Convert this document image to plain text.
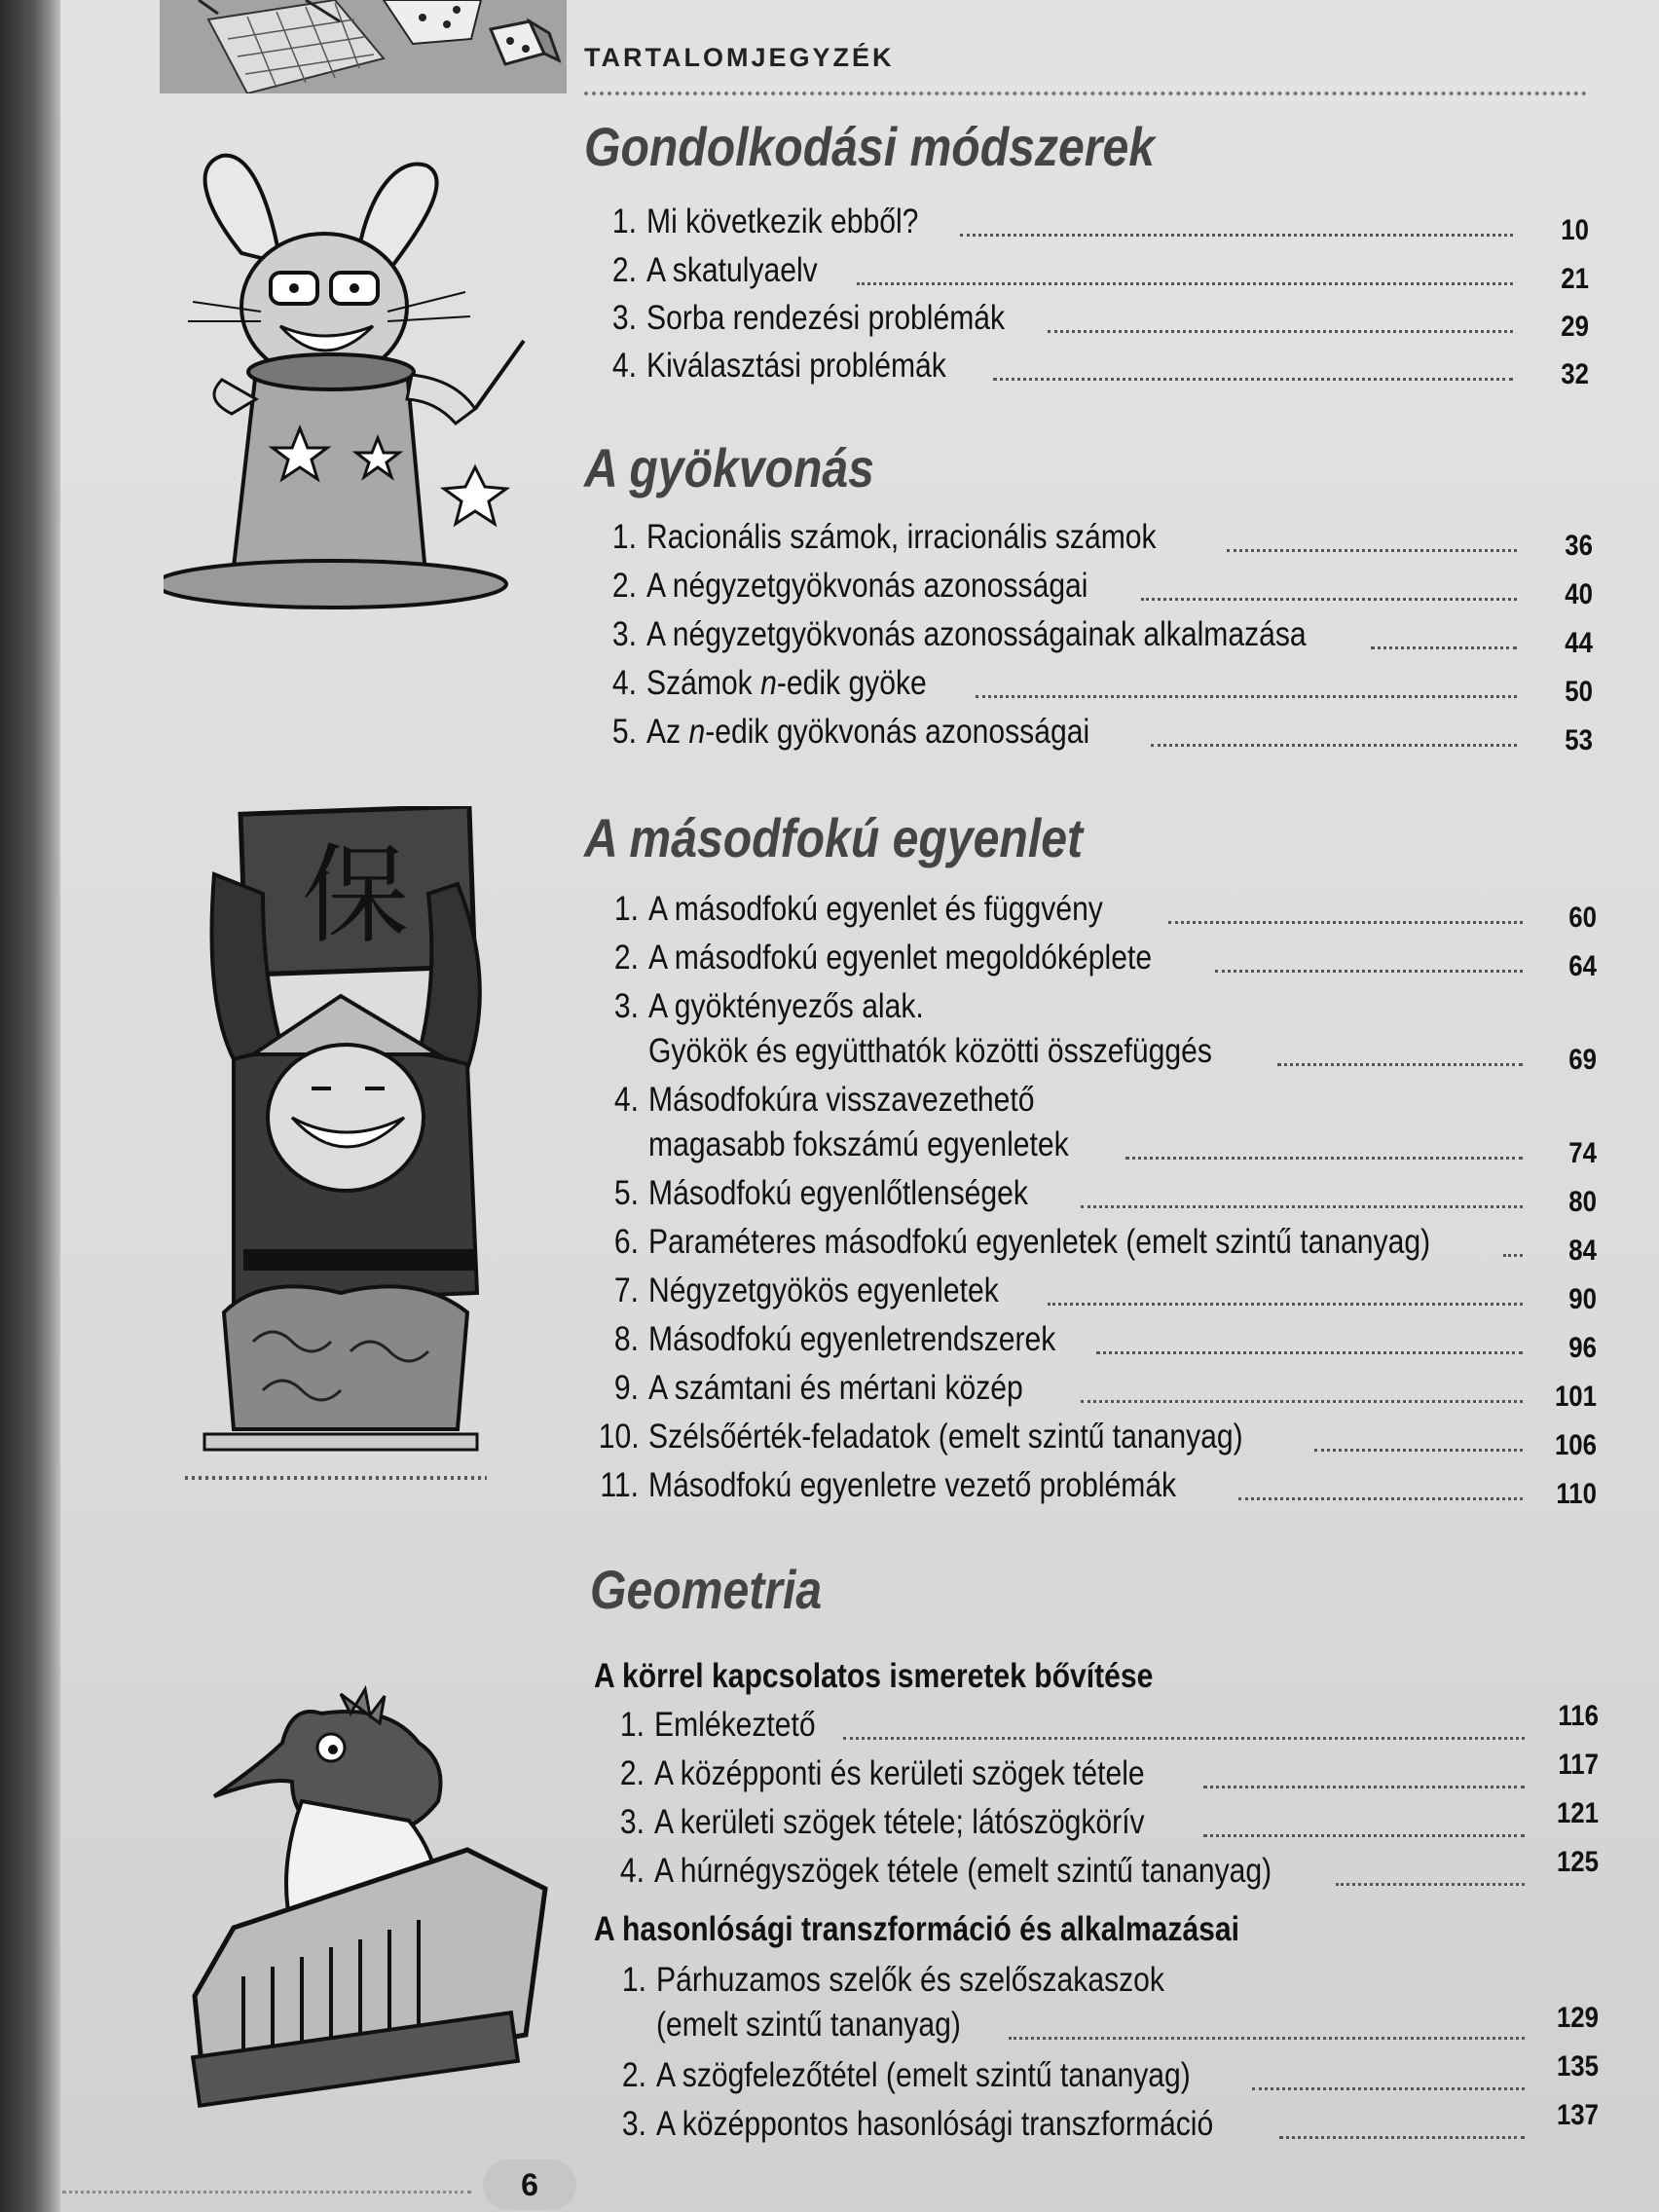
TARTALOMJEGYZÉK
保
Gondolkodási módszerek
1. Mi következik ebből?	10
2. A skatulyaelv	21
3. Sorba rendezési problémák	29
4. Kiválasztási problémák	32
A gyökvonás
1. Racionális számok, irracionális számok	36
2. A négyzetgyökvonás azonosságai	40
3. A négyzetgyökvonás azonosságainak alkalmazása	44
4. Számok n-edik gyöke	50
5. Az n-edik gyökvonás azonosságai	53
A másodfokú egyenlet
1. A másodfokú egyenlet és függvény	60
2. A másodfokú egyenlet megoldóképlete	64
3. A gyöktényezős alak.
Gyökök és együtthatók közötti összefüggés	69
4. Másodfokúra visszavezethető
magasabb fokszámú egyenletek	74
5. Másodfokú egyenlőtlenségek	80
6. Paraméteres másodfokú egyenletek (emelt szintű tananyag)	84
7. Négyzetgyökös egyenletek	90
8. Másodfokú egyenletrendszerek	96
9. A számtani és mértani közép	101
10. Szélsőérték-feladatok (emelt szintű tananyag)	106
11. Másodfokú egyenletre vezető problémák	110
Geometria
A körrel kapcsolatos ismeretek bővítése
1. Emlékeztető	116
2. A középponti és kerületi szögek tétele	117
3. A kerületi szögek tétele; látószögkörív	121
4. A húrnégyszögek tétele (emelt szintű tananyag)	125
A hasonlósági transzformáció és alkalmazásai
1. Párhuzamos szelők és szelőszakaszok
(emelt szintű tananyag)	129
2. A szögfelezőtétel (emelt szintű tananyag)	135
3. A középpontos hasonlósági transzformáció	137
6
